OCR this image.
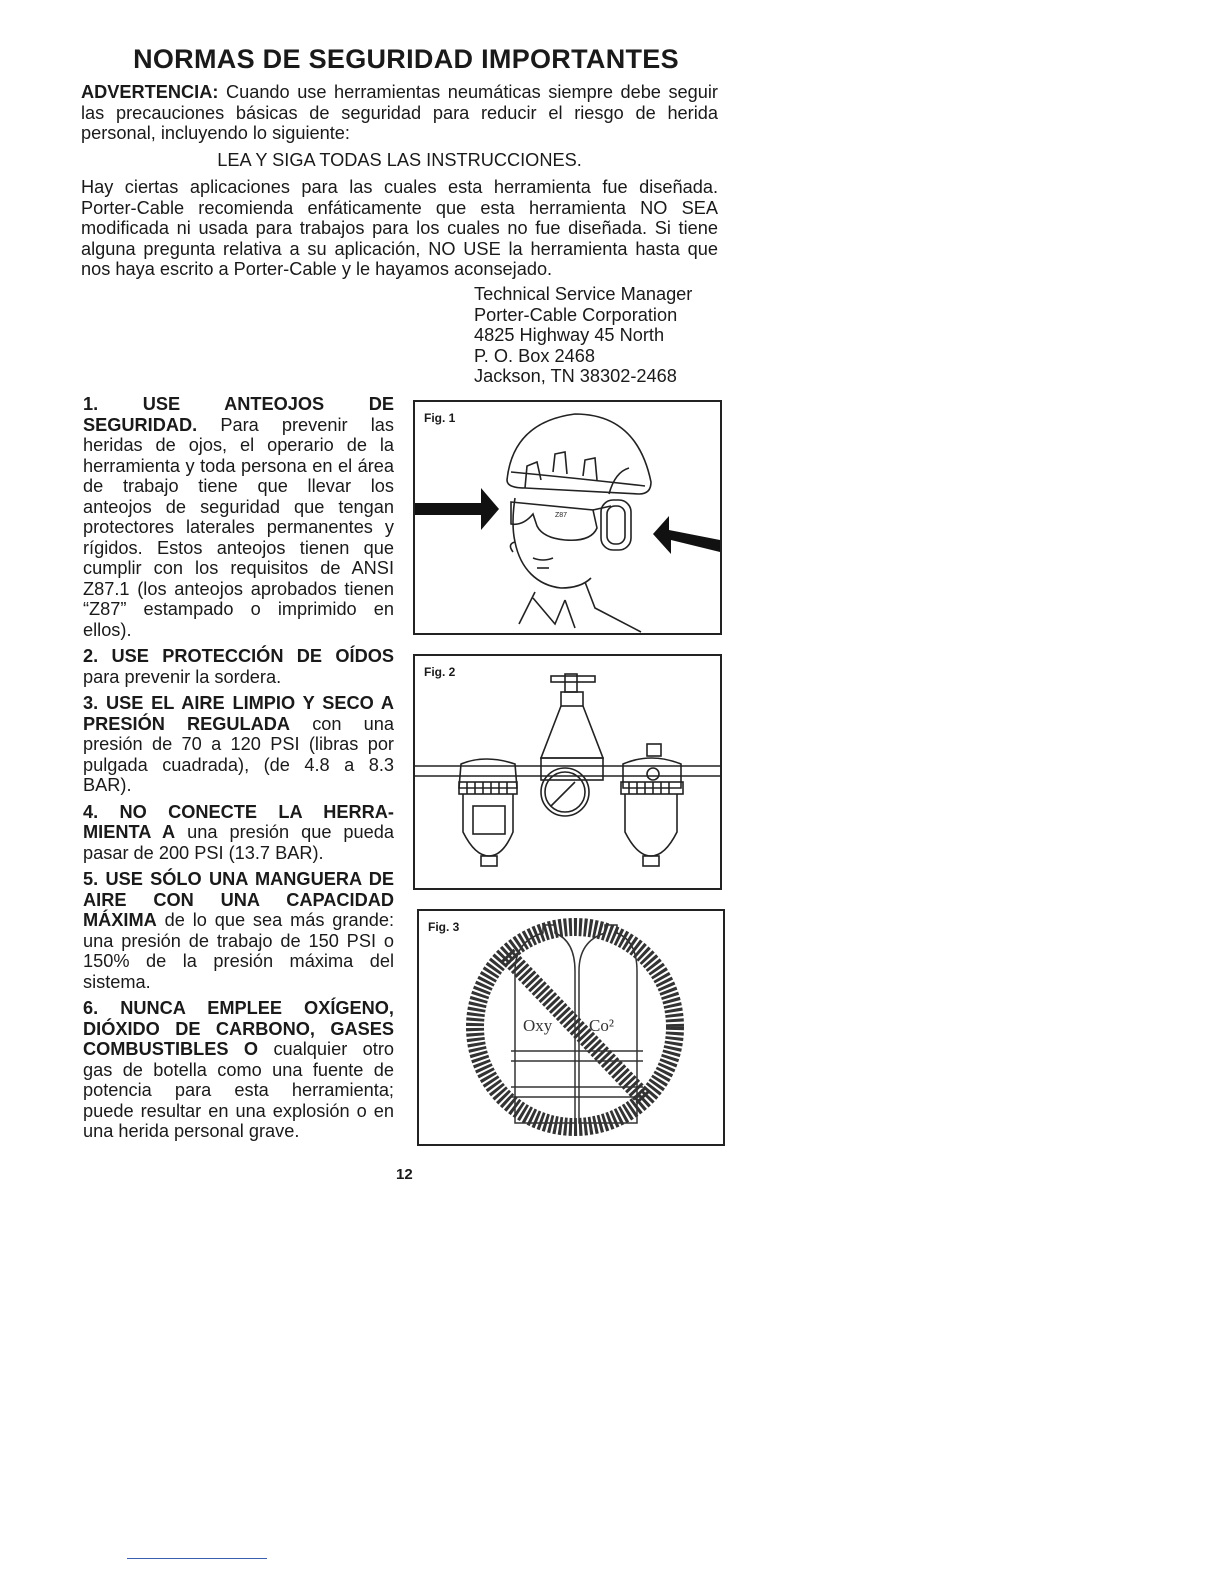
NORMAS DE SEGURIDAD IMPORTANTES
ADVERTENCIA: Cuando use herramientas neumáticas siempre debe seguir las precauciones básicas de seguridad para reducir el riesgo de herida personal, incluyendo lo siguiente:
LEA Y SIGA TODAS LAS INSTRUCCIONES.
Hay ciertas aplicaciones para las cuales esta herramienta fue diseñada. Porter-Cable recomienda enfáticamente que esta herramienta NO SEA modificada ni usada para trabajos para los cuales no fue diseñada. Si tiene alguna pregunta relativa a su aplicación, NO USE la herramienta hasta que nos haya escrito a Porter-Cable y le hayamos aconsejado.
Technical Service Manager
Porter-Cable Corporation
4825 Highway 45 North
P. O. Box 2468
Jackson, TN 38302-2468
1. USE ANTEOJOS DE SEGURIDAD. Para prevenir las heridas de ojos, el operario de la herramienta y toda persona en el área de trabajo tiene que llevar los anteojos de seguridad que tengan protectores laterales permanentes y rígidos. Estos anteojos tienen que cumplir con los requisitos de ANSI Z87.1 (los anteojos aprobados tienen “Z87” estampado o imprimido en ellos).
2. USE PROTECCIÓN DE OÍDOS para prevenir la sordera.
3. USE EL AIRE LIMPIO Y SECO A PRESIÓN REGULADA con una presión de 70 a 120 PSI (libras por pulgada cuadrada), (de 4.8 a 8.3 BAR).
4. NO CONECTE LA HERRA-MIENTA A una presión que pueda pasar de 200 PSI (13.7 BAR).
5. USE SÓLO UNA MANGUERA DE AIRE CON UNA CAPACIDAD MÁXIMA de lo que sea más grande: una presión de trabajo de 150 PSI o 150% de la presión máxima del sistema.
6. NUNCA EMPLEE OXÍGENO, DIÓXIDO DE CARBONO, GASES COMBUSTIBLES O cualquier otro gas de botella como una fuente de potencia para esta herramienta; puede resultar en una explosión o en una herida personal grave.
Z87
Fig. 1
Fig. 2
Oxy Co²
Fig. 3
12
